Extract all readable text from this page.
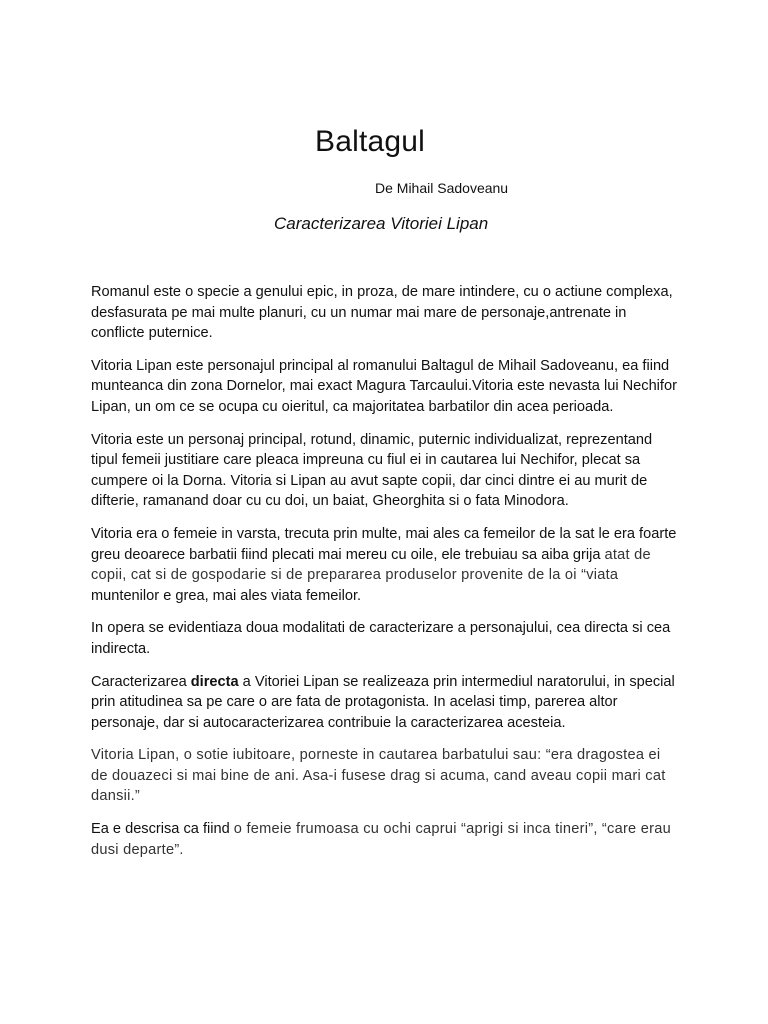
Baltagul

De Mihail Sadoveanu

Caracterizarea Vitoriei Lipan

Romanul este o specie a genului epic, in proza, de mare intindere, cu o actiune complexa, desfasurata pe mai multe planuri, cu un numar mai mare de personaje,antrenate in conflicte puternice.

Vitoria Lipan este personajul principal al romanului Baltagul de Mihail Sadoveanu, ea fiind munteanca din zona Dornelor, mai exact Magura Tarcaului.Vitoria este nevasta lui Nechifor Lipan, un om ce se ocupa cu oieritul, ca majoritatea barbatilor din acea perioada.

Vitoria este un personaj principal, rotund, dinamic, puternic individualizat, reprezentand tipul femeii justitiare care pleaca impreuna cu fiul ei in cautarea lui Nechifor, plecat sa cumpere oi la Dorna. Vitoria si Lipan au avut sapte copii, dar cinci dintre ei au murit de difterie, ramanand doar cu cu doi, un baiat, Gheorghita si o fata Minodora.

Vitoria era o femeie in varsta, trecuta prin multe, mai ales ca femeilor de la sat le era foarte greu deoarece barbatii fiind plecati mai mereu cu oile, ele trebuiau sa aiba grija atat de copii, cat si de gospodarie si de prepararea produselor provenite de la oi “viata muntenilor e grea, mai ales viata femeilor.

In opera se evidentiaza doua modalitati de caracterizare a personajului, cea directa si cea indirecta.

Caracterizarea directa a Vitoriei Lipan se realizeaza prin intermediul naratorului, in special prin atitudinea sa pe care o are fata de protagonista. In acelasi timp, parerea altor personaje, dar si autocaracterizarea contribuie la caracterizarea acesteia.

Vitoria Lipan, o sotie iubitoare, porneste in cautarea barbatului sau: “era dragostea ei de douazeci si mai bine de ani. Asa-i fusese drag si acuma, cand aveau copii mari cat dansii.”

Ea e descrisa ca fiind o femeie frumoasa cu ochi caprui “aprigi si inca tineri”, “care erau dusi departe”.
